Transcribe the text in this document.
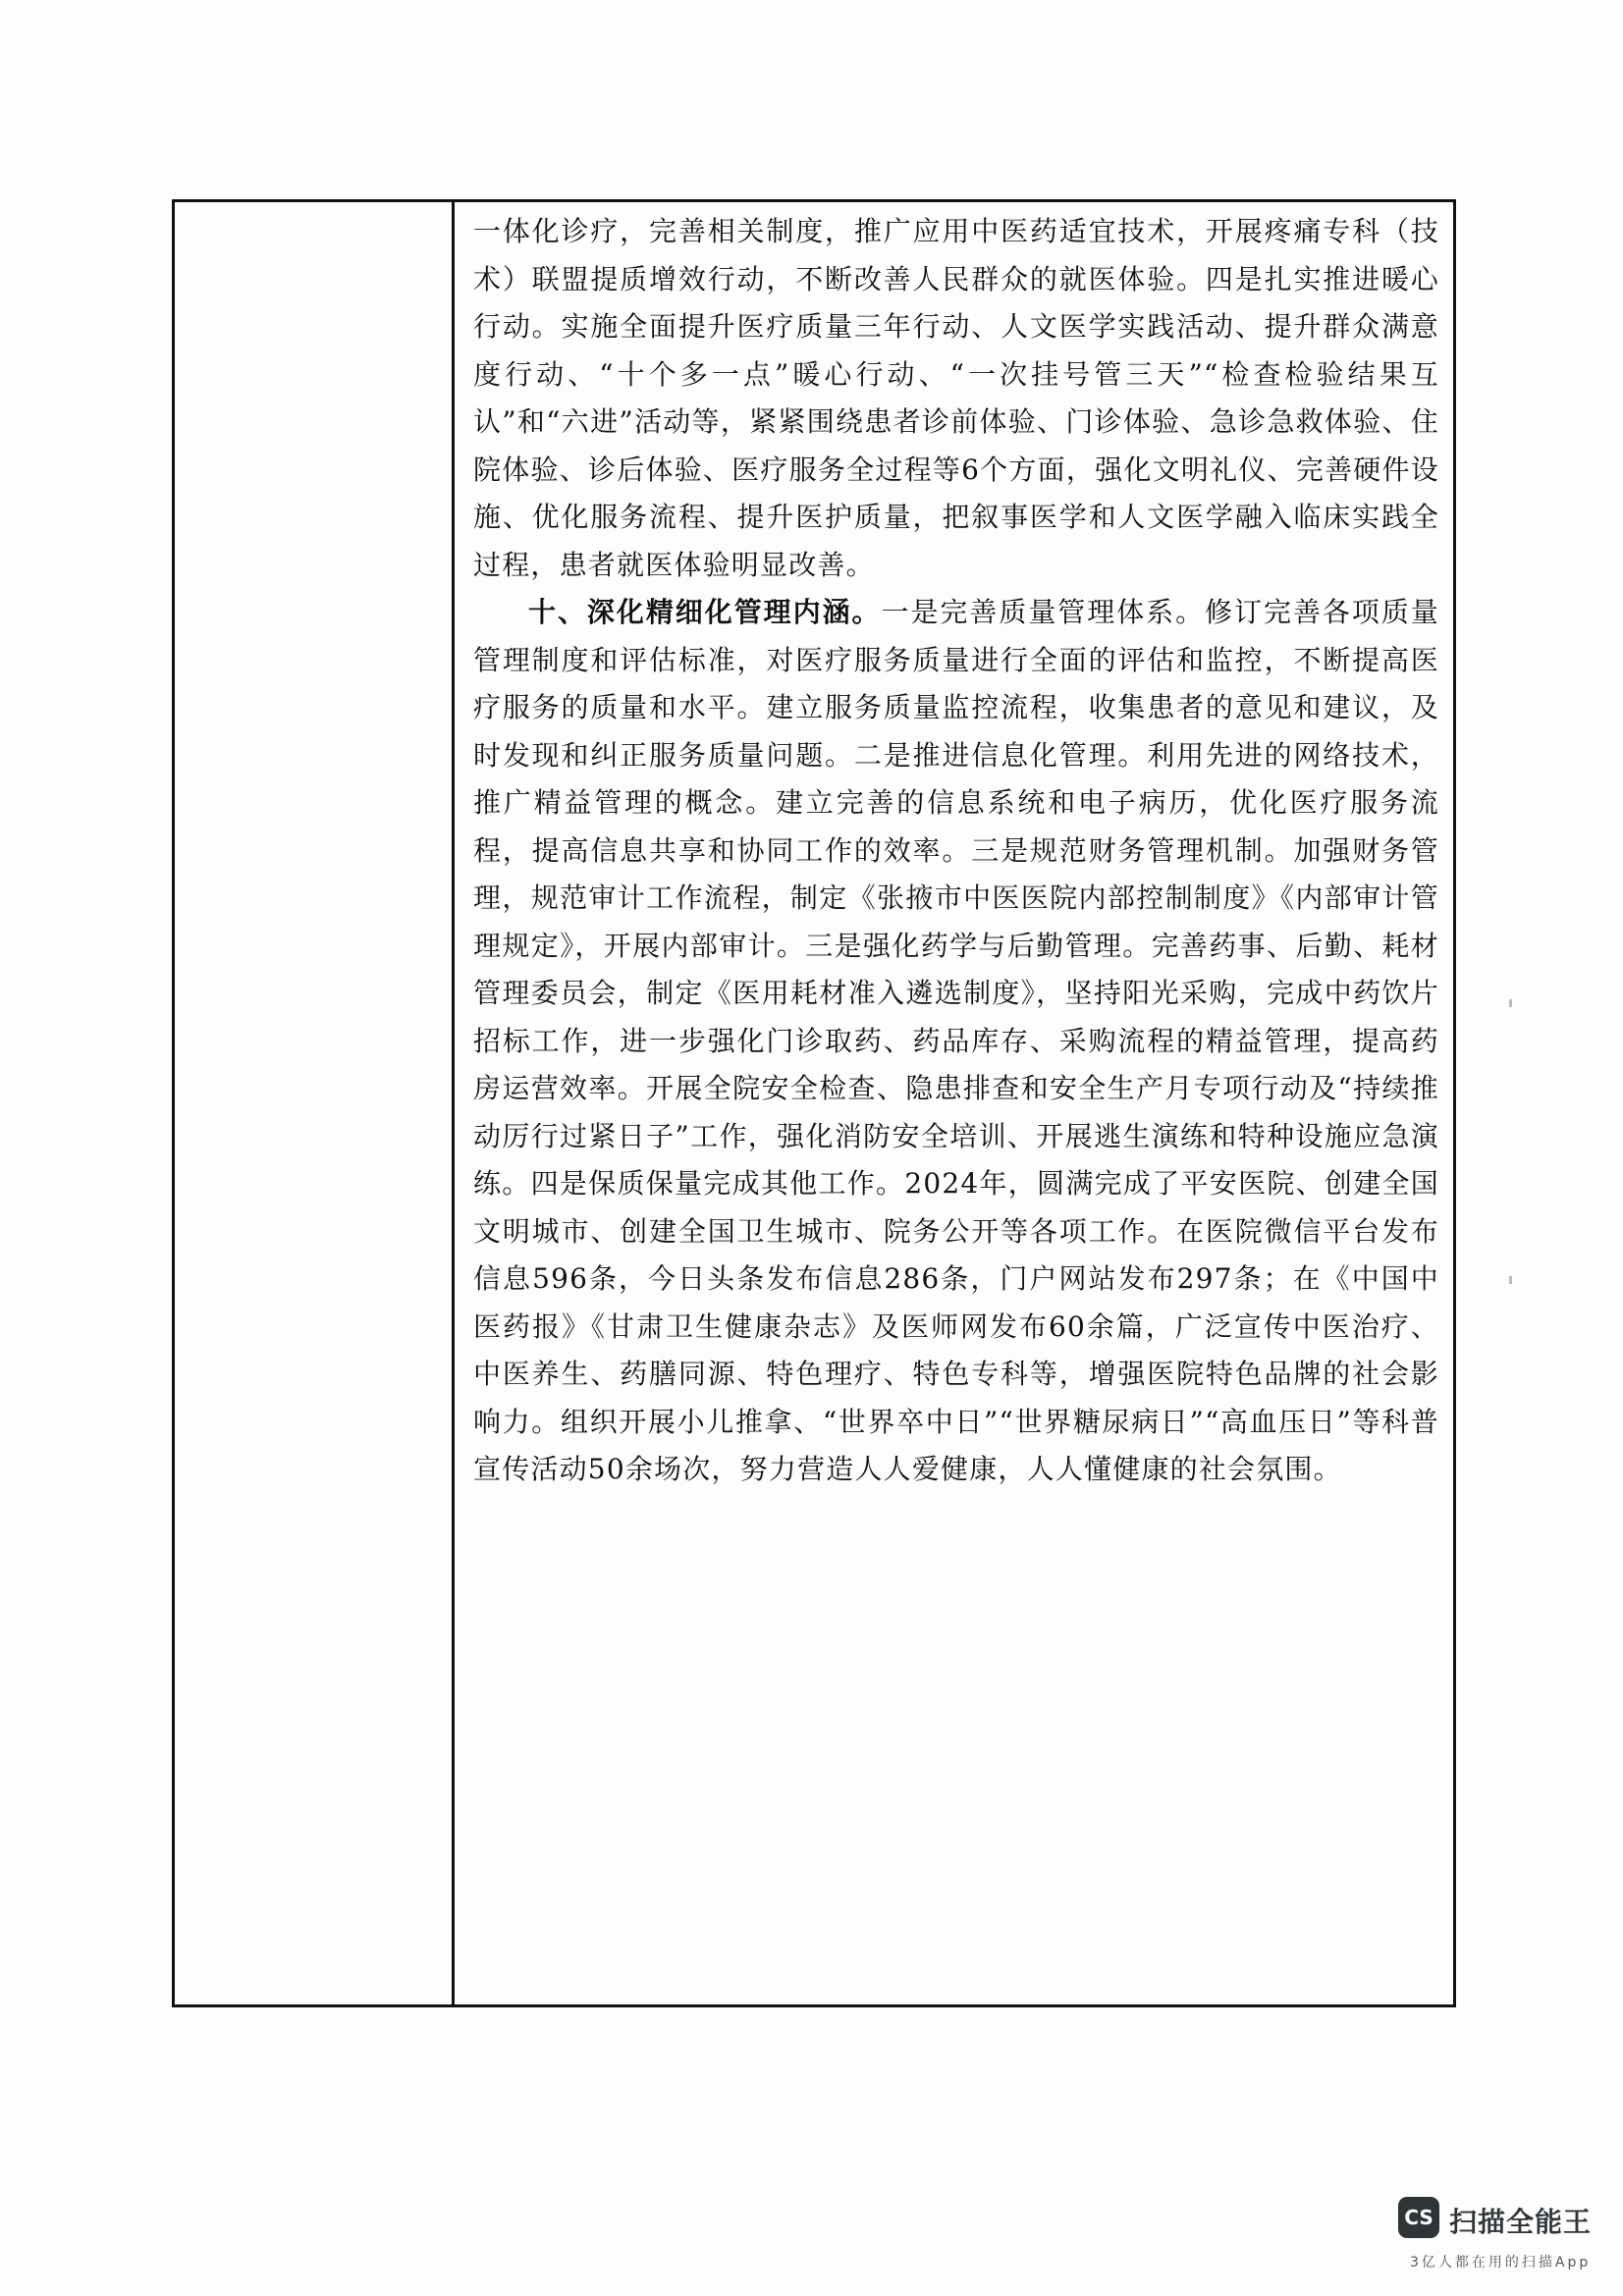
一体化诊疗，完善相关制度，推广应用中医药适宜技术，开展疼痛专科（技术）联盟提质增效行动，不断改善人民群众的就医体验。四是扎实推进暖心行动。实施全面提升医疗质量三年行动、人文医学实践活动、提升群众满意度行动、“十个多一点”暖心行动、“一次挂号管三天”“检查检验结果互认”和“六进”活动等，紧紧围绕患者诊前体验、门诊体验、急诊急救体验、住院体验、诊后体验、医疗服务全过程等6个方面，强化文明礼仪、完善硬件设施、优化服务流程、提升医护质量，把叙事医学和人文医学融入临床实践全过程，患者就医体验明显改善。

十、深化精细化管理内涵。一是完善质量管理体系。修订完善各项质量管理制度和评估标准，对医疗服务质量进行全面的评估和监控，不断提高医疗服务的质量和水平。建立服务质量监控流程，收集患者的意见和建议，及时发现和纠正服务质量问题。二是推进信息化管理。利用先进的网络技术，推广精益管理的概念。建立完善的信息系统和电子病历，优化医疗服务流程，提高信息共享和协同工作的效率。三是规范财务管理机制。加强财务管理，规范审计工作流程，制定《张掖市中医医院内部控制制度》《内部审计管理规定》，开展内部审计。三是强化药学与后勤管理。完善药事、后勤、耗材管理委员会，制定《医用耗材准入遴选制度》，坚持阳光采购，完成中药饮片招标工作，进一步强化门诊取药、药品库存、采购流程的精益管理，提高药房运营效率。开展全院安全检查、隐患排查和安全生产月专项行动及“持续推动厉行过紧日子”工作，强化消防安全培训、开展逃生演练和特种设施应急演练。四是保质保量完成其他工作。2024年，圆满完成了平安医院、创建全国文明城市、创建全国卫生城市、院务公开等各项工作。在医院微信平台发布信息596条，今日头条发布信息286条，门户网站发布297条；在《中国中医药报》《甘肃卫生健康杂志》及医师网发布60余篇，广泛宣传中医治疗、中医养生、药膳同源、特色理疗、特色专科等，增强医院特色品牌的社会影响力。组织开展小儿推拿、“世界卒中日”“世界糖尿病日”“高血压日”等科普宣传活动50余场次，努力营造人人爱健康，人人懂健康的社会氛围。

CS 扫描全能王
3亿人都在用的扫描App
